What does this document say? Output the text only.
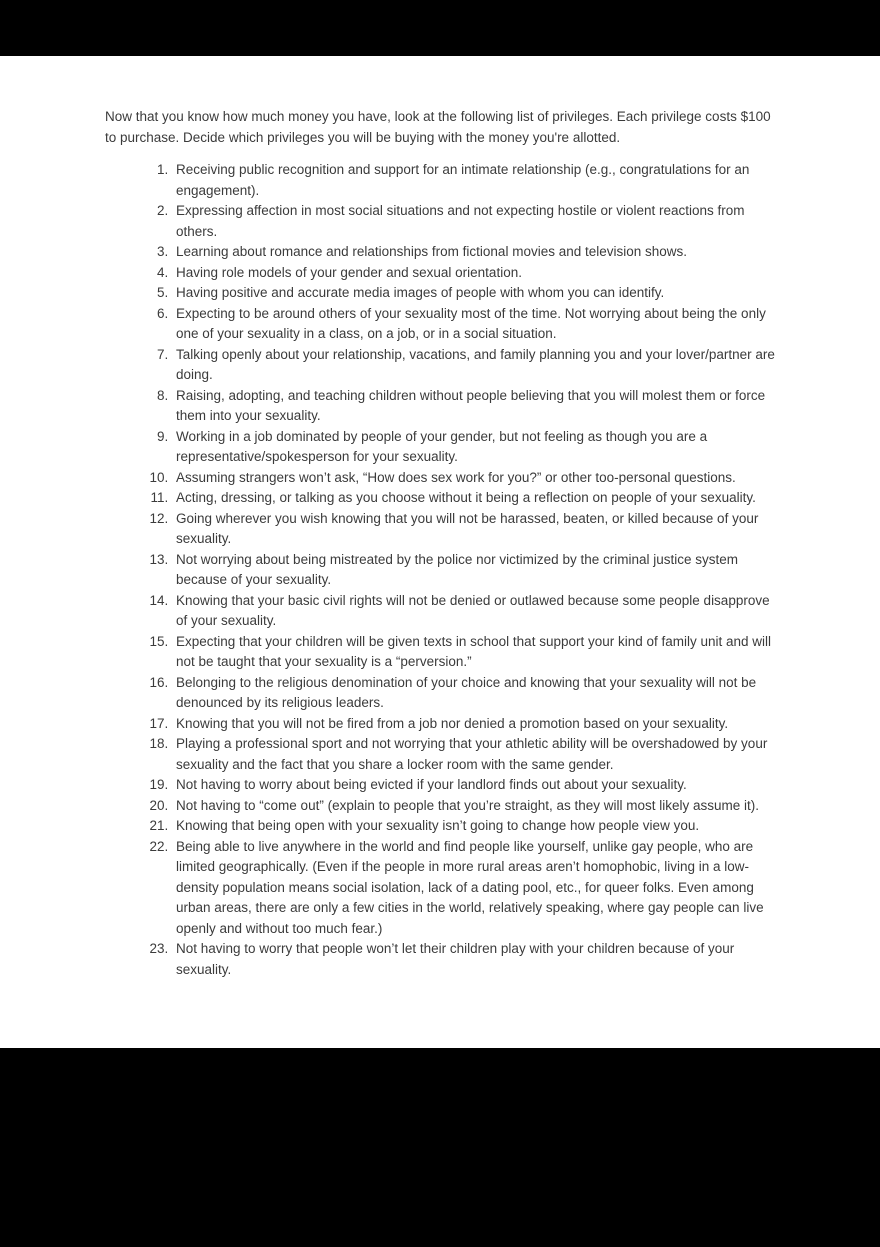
Now that you know how much money you have, look at the following list of privileges. Each privilege costs $100 to purchase. Decide which privileges you will be buying with the money you're allotted.

1. Receiving public recognition and support for an intimate relationship (e.g., congratulations for an engagement).
2. Expressing affection in most social situations and not expecting hostile or violent reactions from others.
3. Learning about romance and relationships from fictional movies and television shows.
4. Having role models of your gender and sexual orientation.
5. Having positive and accurate media images of people with whom you can identify.
6. Expecting to be around others of your sexuality most of the time. Not worrying about being the only one of your sexuality in a class, on a job, or in a social situation.
7. Talking openly about your relationship, vacations, and family planning you and your lover/partner are doing.
8. Raising, adopting, and teaching children without people believing that you will molest them or force them into your sexuality.
9. Working in a job dominated by people of your gender, but not feeling as though you are a representative/spokesperson for your sexuality.
10. Assuming strangers won’t ask, “How does sex work for you?” or other too-personal questions.
11. Acting, dressing, or talking as you choose without it being a reflection on people of your sexuality.
12. Going wherever you wish knowing that you will not be harassed, beaten, or killed because of your sexuality.
13. Not worrying about being mistreated by the police nor victimized by the criminal justice system because of your sexuality.
14. Knowing that your basic civil rights will not be denied or outlawed because some people disapprove of your sexuality.
15. Expecting that your children will be given texts in school that support your kind of family unit and will not be taught that your sexuality is a “perversion.”
16. Belonging to the religious denomination of your choice and knowing that your sexuality will not be denounced by its religious leaders.
17. Knowing that you will not be fired from a job nor denied a promotion based on your sexuality.
18. Playing a professional sport and not worrying that your athletic ability will be overshadowed by your sexuality and the fact that you share a locker room with the same gender.
19. Not having to worry about being evicted if your landlord finds out about your sexuality.
20. Not having to “come out” (explain to people that you’re straight, as they will most likely assume it).
21. Knowing that being open with your sexuality isn’t going to change how people view you.
22. Being able to live anywhere in the world and find people like yourself, unlike gay people, who are limited geographically. (Even if the people in more rural areas aren’t homophobic, living in a low-density population means social isolation, lack of a dating pool, etc., for queer folks. Even among urban areas, there are only a few cities in the world, relatively speaking, where gay people can live openly and without too much fear.)
23. Not having to worry that people won’t let their children play with your children because of your sexuality.
